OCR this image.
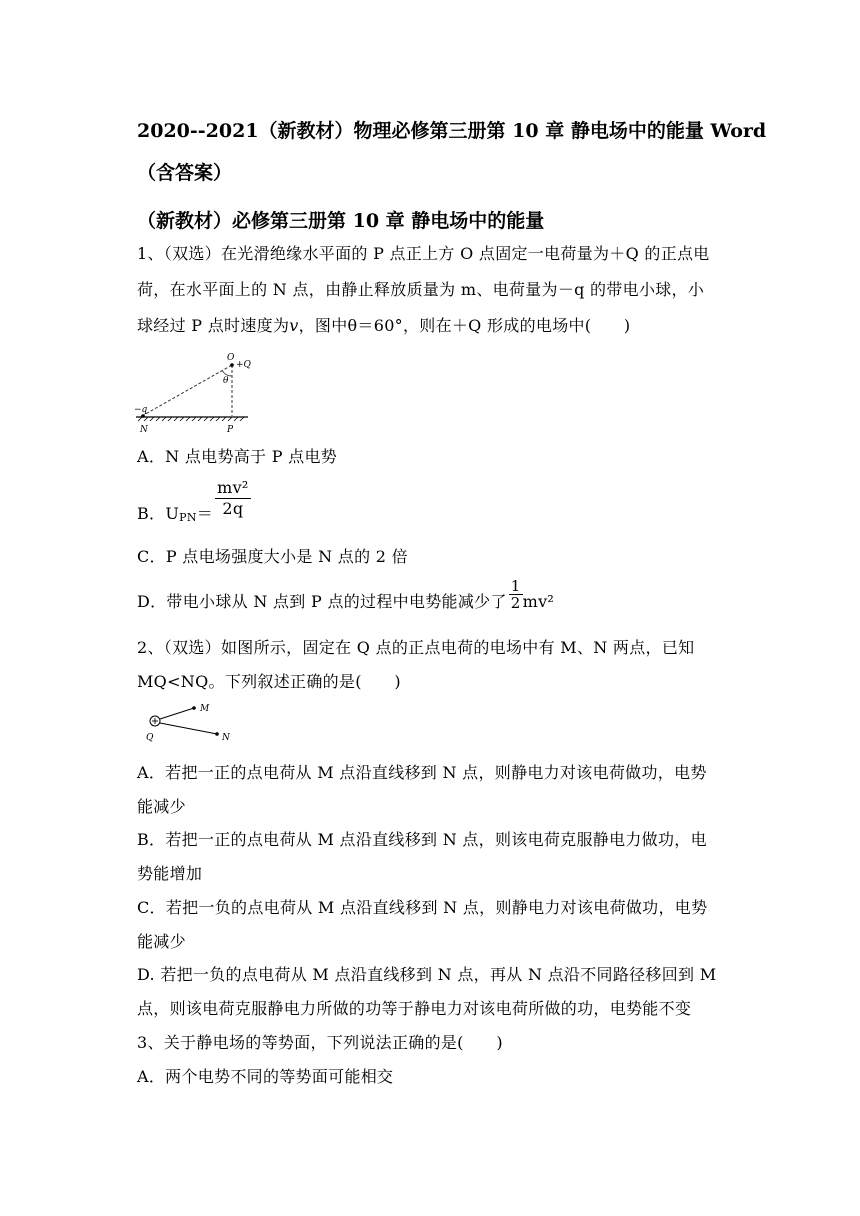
2020--2021（新教材）物理必修第三册第 10 章 静电场中的能量 Word
（含答案）
（新教材）必修第三册第 10 章 静电场中的能量
1、（双选）在光滑绝缘水平面的 P 点正上方 O 点固定一电荷量为＋Q 的正点电
荷，在水平面上的 N 点，由静止释放质量为 m、电荷量为－q 的带电小球，小
球经过 P 点时速度为v，图中θ＝60°，则在＋Q 形成的电场中(　　)
O
+Q
θ
−q
N	P
A．N 点电势高于 P 点电势
B．$U_{PN}= \frac{\text{mv²}}{2q}$
C．P 点电场强度大小是 N 点的 2 倍
D．带电小球从 N 点到 P 点的过程中电势能减少了 $\frac{1}{2} mv^2$
2、（双选）如图所示，固定在 Q 点的正点电荷的电场中有 M、N 两点，已知
MQ<NQ。下列叙述正确的是(　　)
M
N
Q
A．若把一正的点电荷从 M 点沿直线移到 N 点，则静电力对该电荷做功，电势
能减少
B．若把一正的点电荷从 M 点沿直线移到 N 点，则该电荷克服静电力做功，电
势能增加
C．若把一负的点电荷从 M 点沿直线移到 N 点，则静电力对该电荷做功，电势
能减少
D. 若把一负的点电荷从 M 点沿直线移到 N 点，再从 N 点沿不同路径移回到 M
点，则该电荷克服静电力所做的功等于静电力对该电荷所做的功，电势能不变
3、关于静电场的等势面，下列说法正确的是(　　)
A．两个电势不同的等势面可能相交
